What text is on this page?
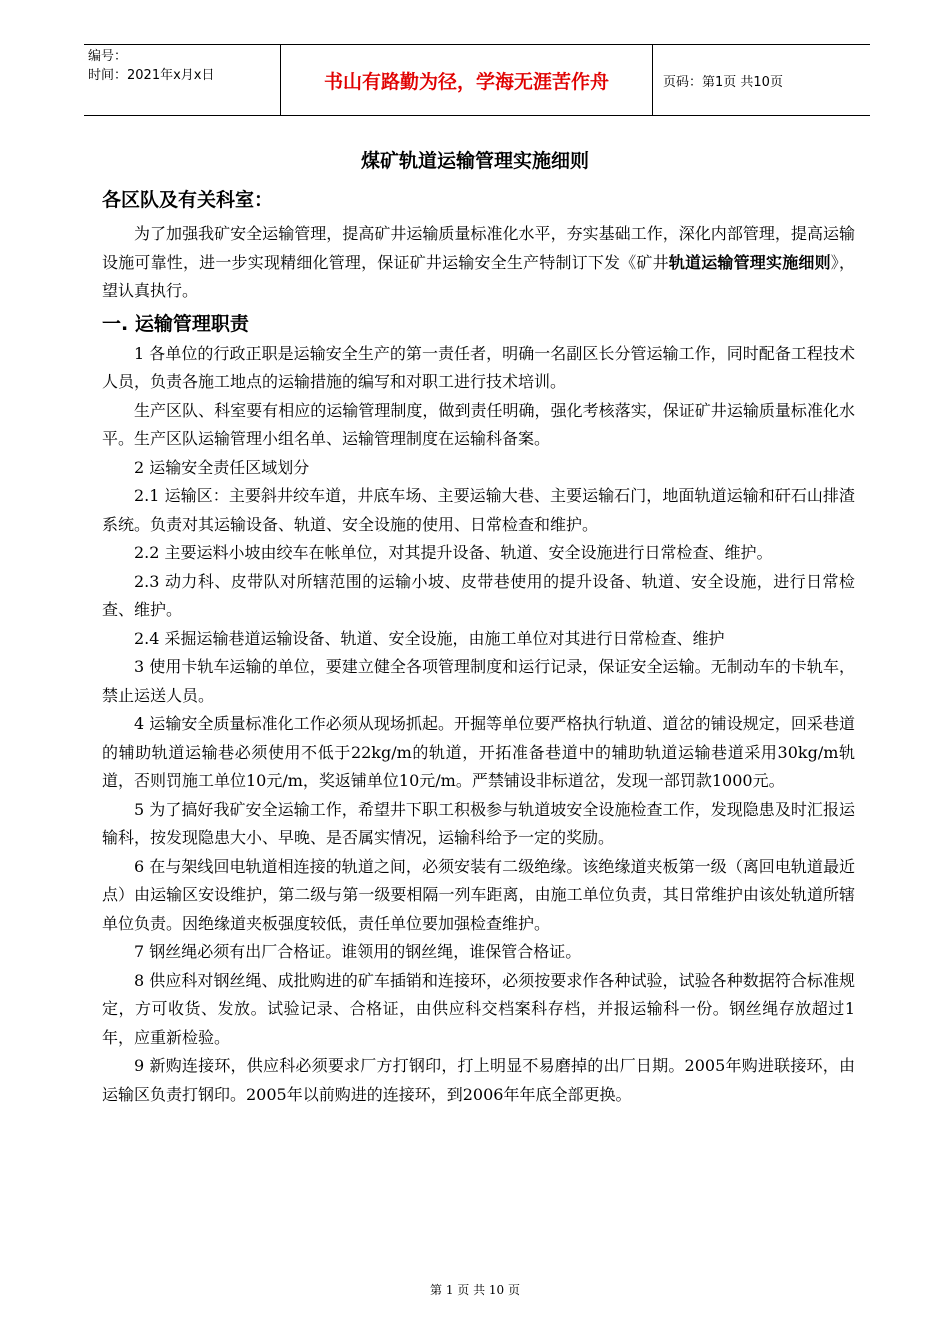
编号：
时间：2021年x月x日	书山有路勤为径，学海无涯苦作舟	页码：第1页 共10页
煤矿轨道运输管理实施细则
各区队及有关科室：

为了加强我矿安全运输管理，提高矿井运输质量标准化水平，夯实基础工作，深化内部管理，提高运输设施可靠性，进一步实现精细化管理，保证矿井运输安全生产特制订下发《矿井轨道运输管理实施细则》，望认真执行。

一. 运输管理职责

1 各单位的行政正职是运输安全生产的第一责任者，明确一名副区长分管运输工作，同时配备工程技术人员，负责各施工地点的运输措施的编写和对职工进行技术培训。

生产区队、科室要有相应的运输管理制度，做到责任明确，强化考核落实，保证矿井运输质量标准化水平。生产区队运输管理小组名单、运输管理制度在运输科备案。

2 运输安全责任区域划分

2.1 运输区：主要斜井绞车道，井底车场、主要运输大巷、主要运输石门，地面轨道运输和矸石山排渣系统。负责对其运输设备、轨道、安全设施的使用、日常检查和维护。

2.2 主要运料小坡由绞车在帐单位，对其提升设备、轨道、安全设施进行日常检查、维护。

2.3 动力科、皮带队对所辖范围的运输小坡、皮带巷使用的提升设备、轨道、安全设施，进行日常检查、维护。

2.4 采掘运输巷道运输设备、轨道、安全设施，由施工单位对其进行日常检查、维护

3 使用卡轨车运输的单位，要建立健全各项管理制度和运行记录，保证安全运输。无制动车的卡轨车，禁止运送人员。

4 运输安全质量标准化工作必须从现场抓起。开掘等单位要严格执行轨道、道岔的铺设规定，回采巷道的辅助轨道运输巷必须使用不低于22kg/m的轨道，开拓准备巷道中的辅助轨道运输巷道采用30kg/m轨道，否则罚施工单位10元/m，奖返铺单位10元/m。严禁铺设非标道岔，发现一部罚款1000元。

5 为了搞好我矿安全运输工作，希望井下职工积极参与轨道坡安全设施检查工作，发现隐患及时汇报运输科，按发现隐患大小、早晚、是否属实情况，运输科给予一定的奖励。

6 在与架线回电轨道相连接的轨道之间，必须安装有二级绝缘。该绝缘道夹板第一级（离回电轨道最近点）由运输区安设维护，第二级与第一级要相隔一列车距离，由施工单位负责，其日常维护由该处轨道所辖单位负责。因绝缘道夹板强度较低，责任单位要加强检查维护。

7 钢丝绳必须有出厂合格证。谁领用的钢丝绳，谁保管合格证。

8 供应科对钢丝绳、成批购进的矿车插销和连接环，必须按要求作各种试验，试验各种数据符合标准规定，方可收货、发放。试验记录、合格证，由供应科交档案科存档，并报运输科一份。钢丝绳存放超过1年，应重新检验。

9 新购连接环，供应科必须要求厂方打钢印，打上明显不易磨掉的出厂日期。2005年购进联接环，由运输区负责打钢印。2005年以前购进的连接环，到2006年年底全部更换。

第 1 页 共 10 页
